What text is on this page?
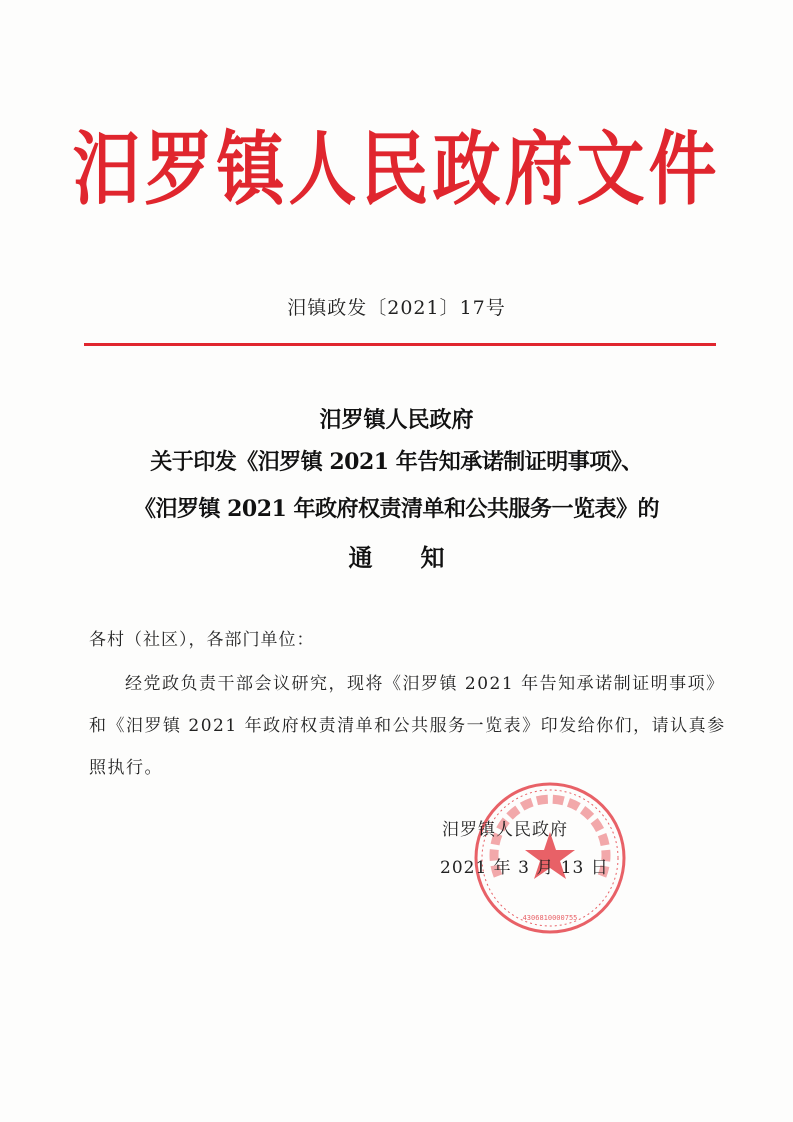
汨罗镇人民政府文件
汨镇政发〔2021〕17号
汨罗镇人民政府
关于印发《汨罗镇 2021 年告知承诺制证明事项》、
《汨罗镇 2021 年政府权责清单和公共服务一览表》的
通　　知
各村（社区），各部门单位：
经党政负责干部会议研究，现将《汨罗镇 2021 年告知承诺制证明事项》和《汨罗镇 2021 年政府权责清单和公共服务一览表》印发给你们，请认真参照执行。
4306810000755
汨罗镇人民政府
2021 年 3 月 13 日
